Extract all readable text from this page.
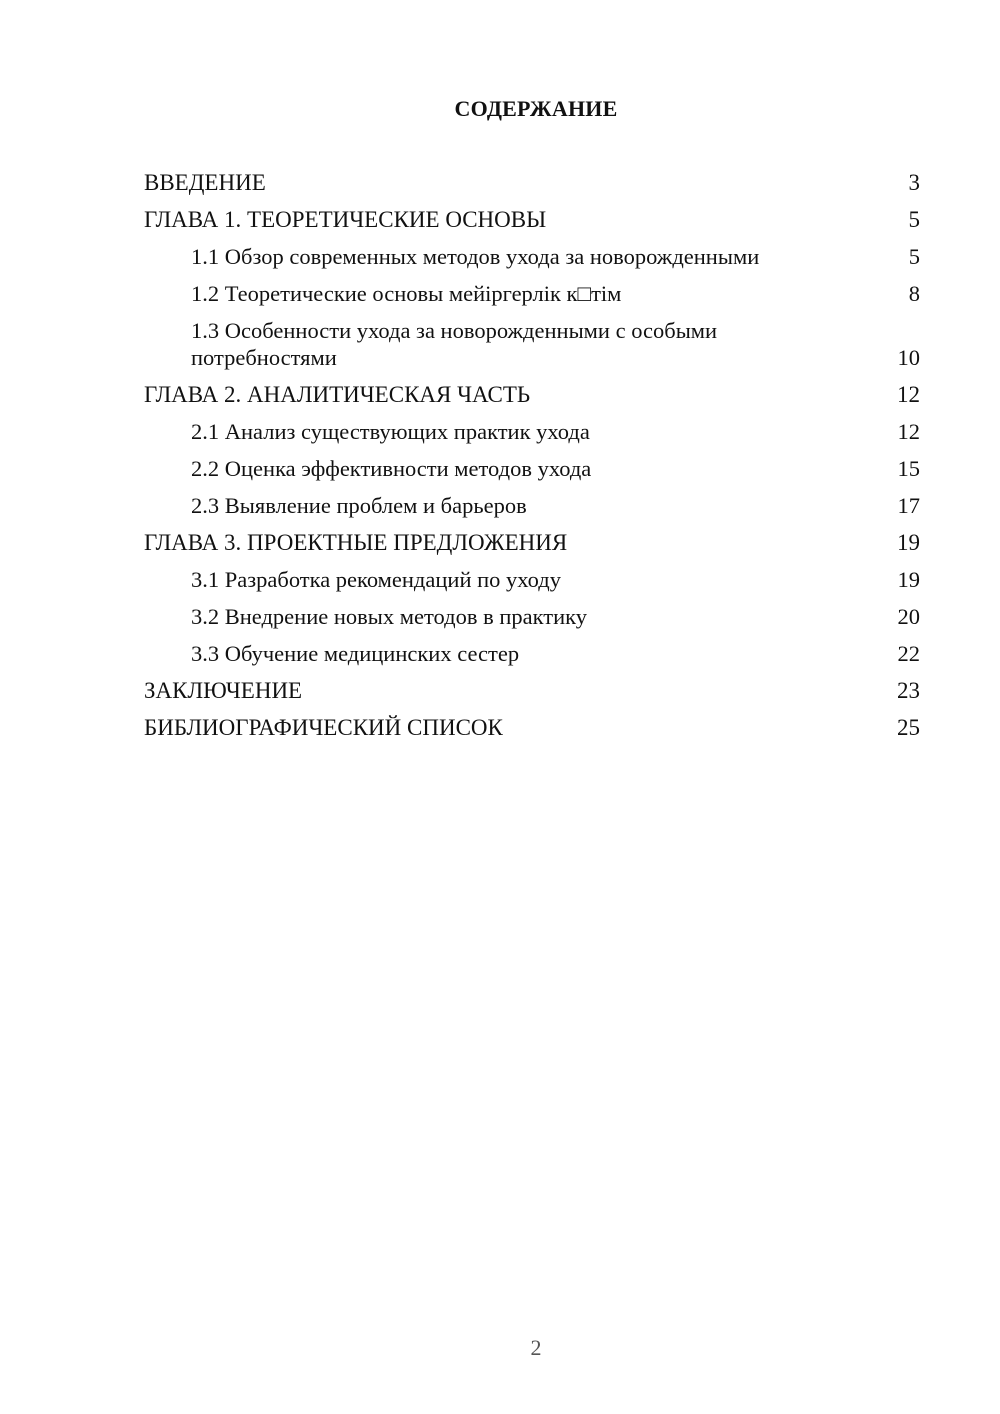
СОДЕРЖАНИЕ
ВВЕДЕНИЕ	3
ГЛАВА 1. ТЕОРЕТИЧЕСКИЕ ОСНОВЫ	5
1.1 Обзор современных методов ухода за новорожденными	5
1.2 Теоретические основы мейіргерлік к□тім	8
1.3 Особенности ухода за новорожденными с особыми потребностями	10
ГЛАВА 2. АНАЛИТИЧЕСКАЯ ЧАСТЬ	12
2.1 Анализ существующих практик ухода	12
2.2 Оценка эффективности методов ухода	15
2.3 Выявление проблем и барьеров	17
ГЛАВА 3. ПРОЕКТНЫЕ ПРЕДЛОЖЕНИЯ	19
3.1 Разработка рекомендаций по уходу	19
3.2 Внедрение новых методов в практику	20
3.3 Обучение медицинских сестер	22
ЗАКЛЮЧЕНИЕ	23
БИБЛИОГРАФИЧЕСКИЙ СПИСОК	25
2
